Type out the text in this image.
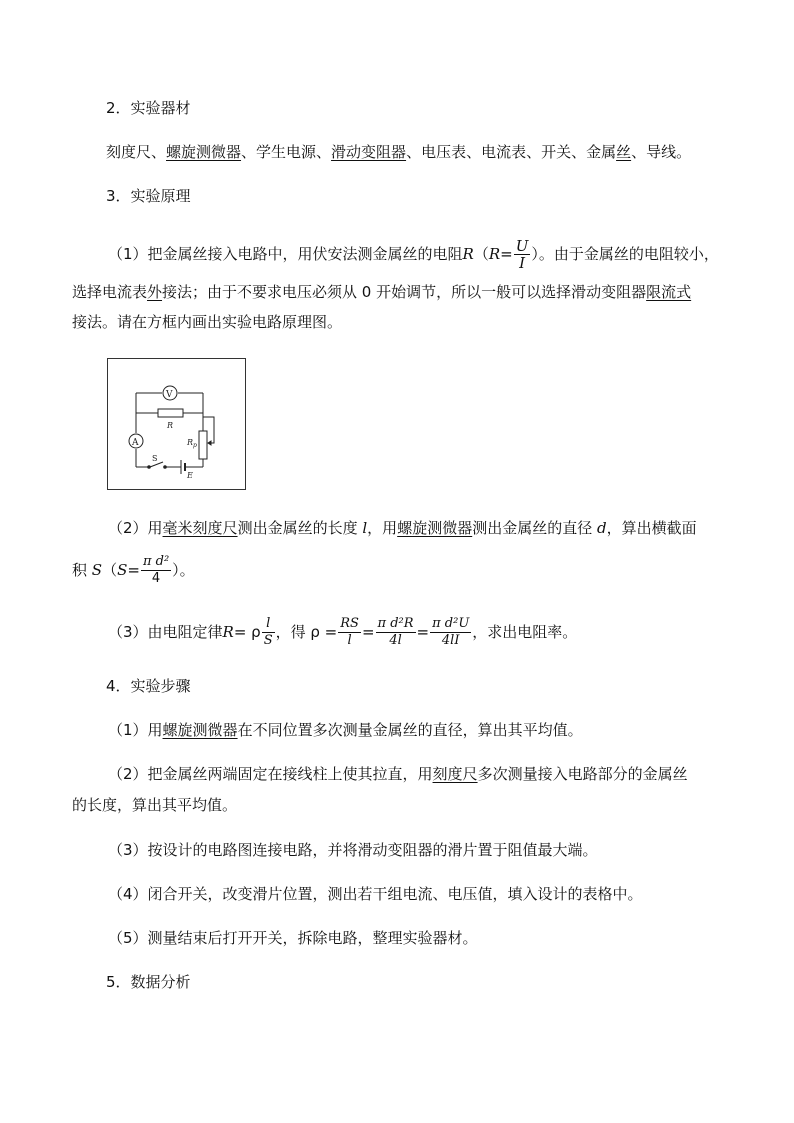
2．实验器材
刻度尺、螺旋测微器、学生电源、滑动变阻器、电压表、电流表、开关、金属丝、导线。
3．实验原理
（1）把金属丝接入电路中，用伏安法测金属丝的电阻$R(R= \frac{U}{I}$ ）。由于金属丝的电阻较小，
选择电流表外接法；由于不要求电压必须从 0 开始调节，所以一般可以选择滑动变阻器限流式
接法。请在方框内画出实验电路原理图。
V
A
R
$R_p$
S
E
（2）用毫米刻度尺测出金属丝的长度 l，用螺旋测微器测出金属丝的直径 d，算出横截面
积 $S(S= \frac{\text{π d²}}{4}$ ）。
（3）由电阻定律R= ρ $\frac{l}{S}$ ，得 $\rho = \frac{RS}{l} = \frac{\text{π d²R}}{4l} = \frac{\text{π d²U}}{4lI}$ ，求出电阻率。
4．实验步骤
（1）用螺旋测微器在不同位置多次测量金属丝的直径，算出其平均值。
（2）把金属丝两端固定在接线柱上使其拉直，用刻度尺多次测量接入电路部分的金属丝
的长度，算出其平均值。
（3）按设计的电路图连接电路，并将滑动变阻器的滑片置于阻值最大端。
（4）闭合开关，改变滑片位置，测出若干组电流、电压值，填入设计的表格中。
（5）测量结束后打开开关，拆除电路，整理实验器材。
5．数据分析
